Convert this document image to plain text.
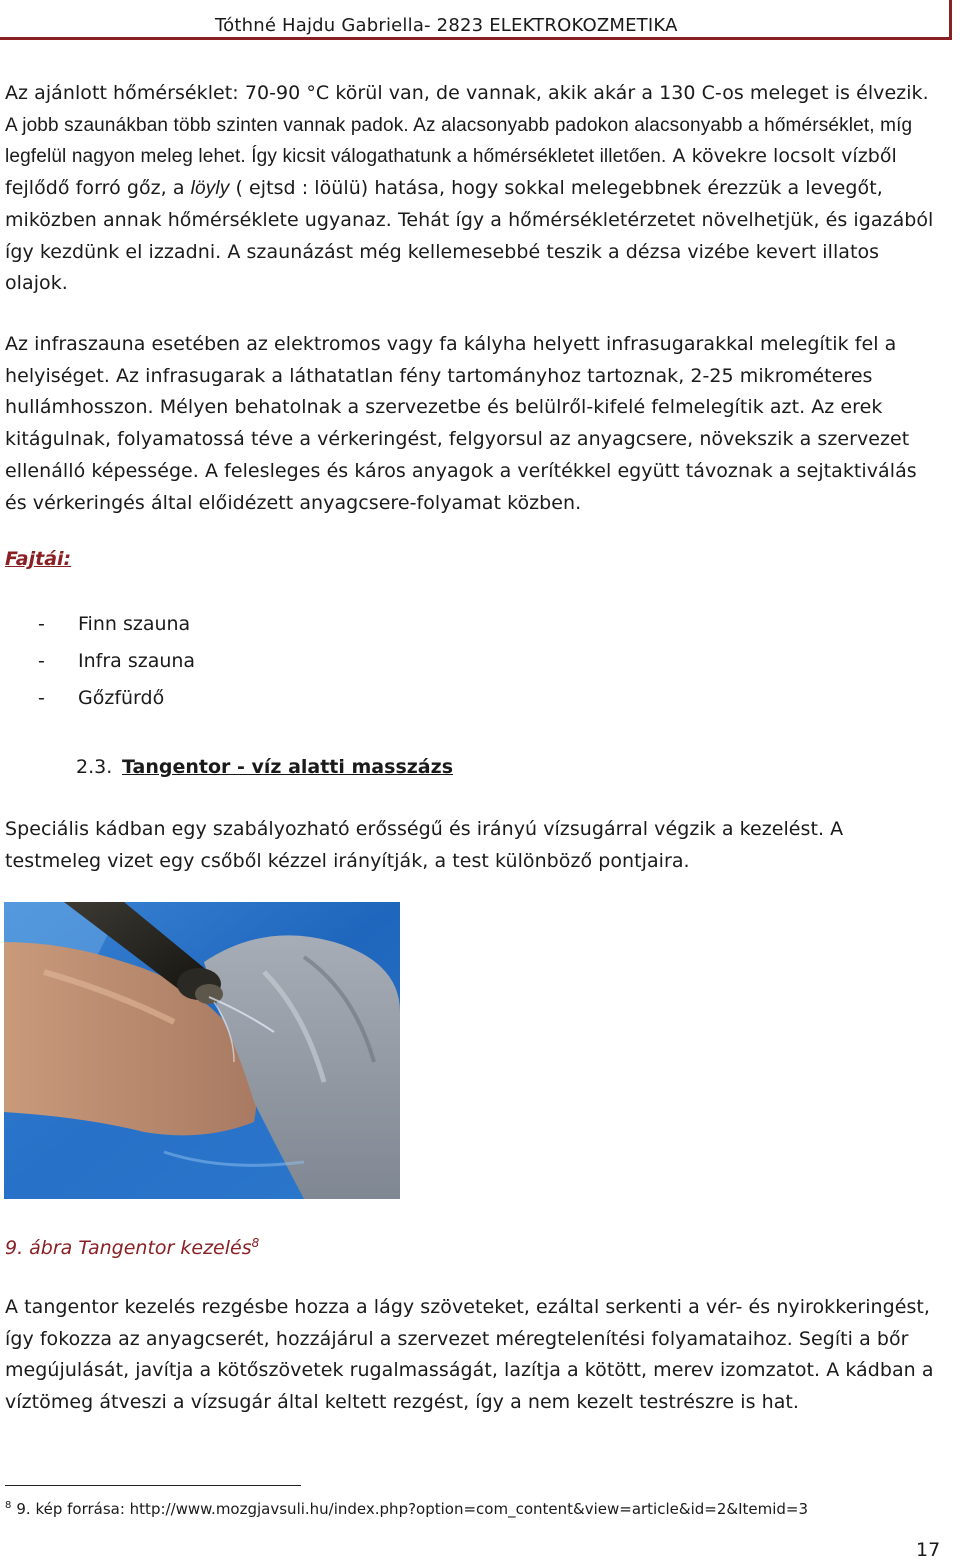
Tóthné Hajdu Gabriella- 2823 ELEKTROKOZMETIKA

Az ajánlott hőmérséklet: 70-90 °C körül van, de vannak, akik akár a 130 C-os meleget is élvezik. A jobb szaunákban több szinten vannak padok. Az alacsonyabb padokon alacsonyabb a hőmérséklet, míg legfelül nagyon meleg lehet. Így kicsit válogathatunk a hőmérsékletet illetően. A kövekre locsolt vízből fejlődő forró gőz, a löyly ( ejtsd : löülü) hatása, hogy sokkal melegebbnek érezzük a levegőt, miközben annak hőmérséklete ugyanaz. Tehát így a hőmérsékletérzetet növelhetjük, és igazából így kezdünk el izzadni. A szaunázást még kellemesebbé teszik a dézsa vizébe kevert illatos olajok.

Az infraszauna esetében az elektromos vagy fa kályha helyett infrasugarakkal melegítik fel a helyiséget. Az infrasugarak a láthatatlan fény tartományhoz tartoznak, 2-25 mikrométeres hullámhosszon. Mélyen behatolnak a szervezetbe és belülről-kifelé felmelegítik azt. Az erek kitágulnak, folyamatossá téve a vérkeringést, felgyorsul az anyagcsere, növekszik a szervezet ellenálló képessége. A felesleges és káros anyagok a verítékkel együtt távoznak a sejtaktiválás és vérkeringés által előidézett anyagcsere-folyamat közben.

Fajtái:
-	Finn szauna
-	Infra szauna
-	Gőzfürdő
2.3. Tangentor - víz alatti masszázs

Speciális kádban egy szabályozható erősségű és irányú vízsugárral végzik a kezelést. A testmeleg vizet egy csőből kézzel irányítják, a test különböző pontjaira.

9. ábra Tangentor kezelés$^8$

A tangentor kezelés rezgésbe hozza a lágy szöveteket, ezáltal serkenti a vér- és nyirokkeringést, így fokozza az anyagcserét, hozzájárul a szervezet méregtelenítési folyamataihoz. Segíti a bőr megújulását, javítja a kötőszövetek rugalmasságát, lazítja a kötött, merev izomzatot. A kádban a víztömeg átveszi a vízsugár által keltett rezgést, így a nem kezelt testrészre is hat.

$^8$ 9. kép forrása: http://www.mozgjavsuli.hu/index.php?option=com_content&view=article&id=2&Itemid=3
17
